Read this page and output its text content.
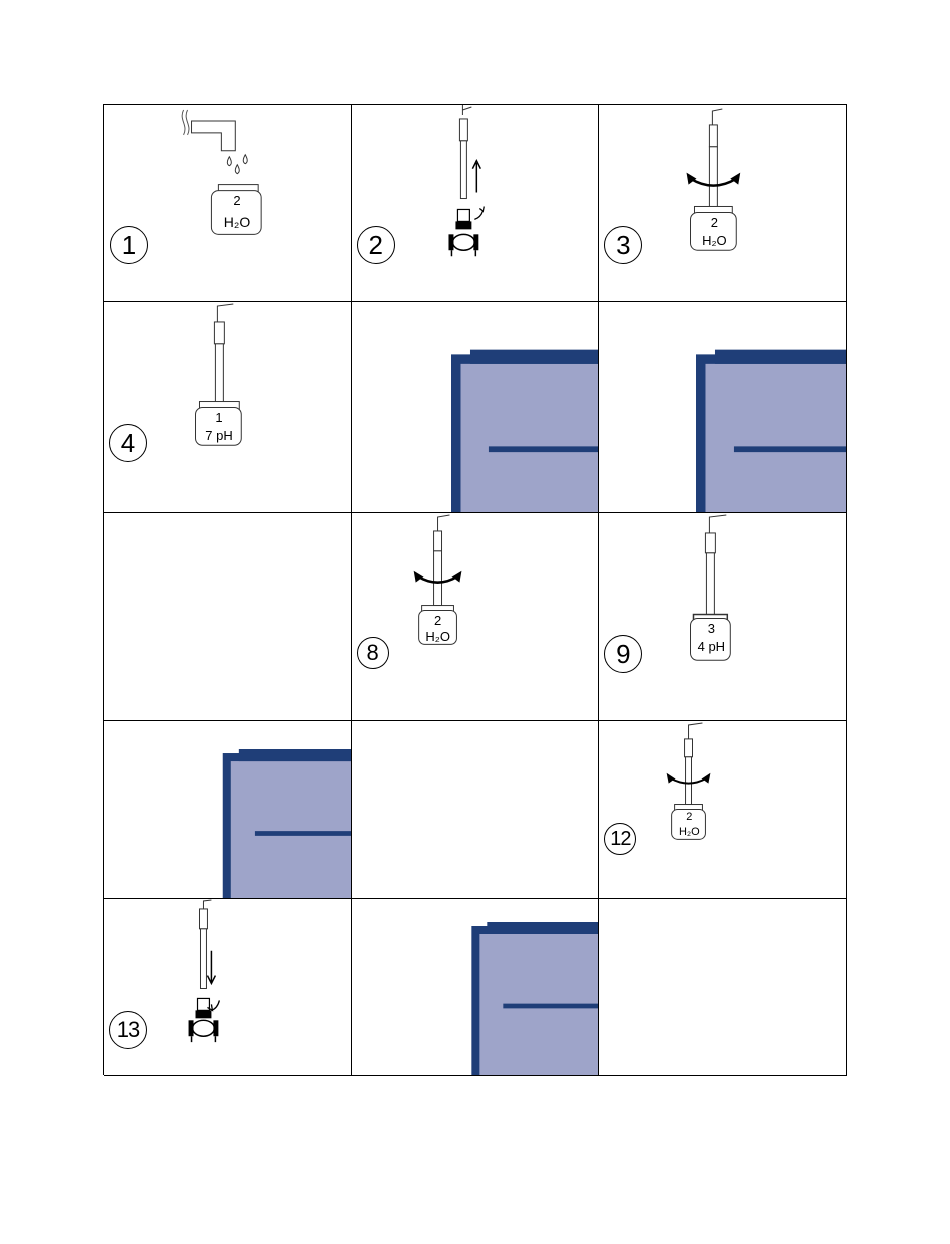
2
H₂O
1	2
2
H₂O
3
1
7 pH
4
2
H₂O
8
3
4 pH
9
2
H₂O
12
13
